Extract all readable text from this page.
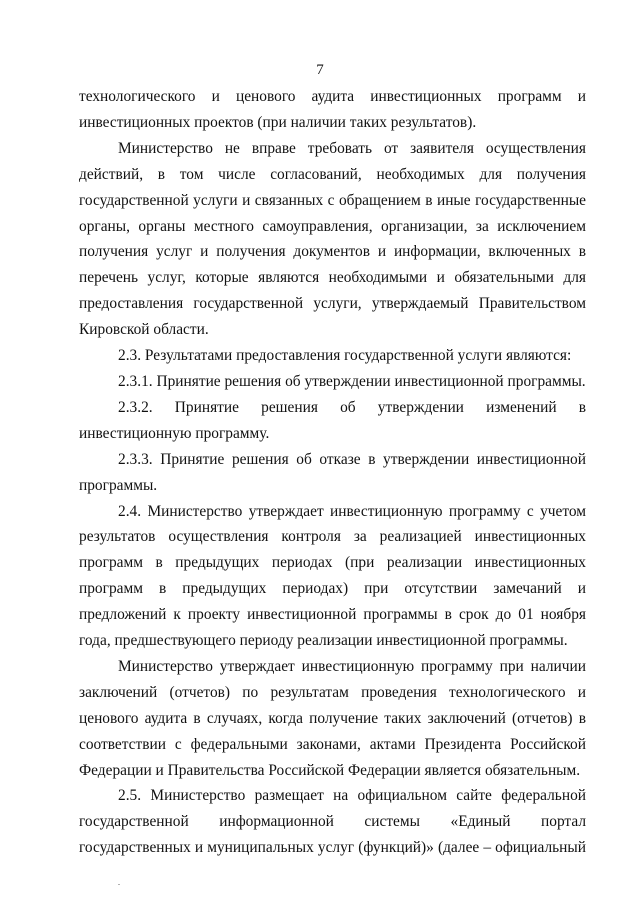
7

технологического и ценового аудита инвестиционных программ и инвестиционных проектов (при наличии таких результатов).

Министерство не вправе требовать от заявителя осуществления действий, в том числе согласований, необходимых для получения государственной услуги и связанных с обращением в иные государственные органы, органы местного самоуправления, организации, за исключением получения услуг и получения документов и информации, включенных в перечень услуг, которые являются необходимыми и обязательными для предоставления государственной услуги, утверждаемый Правительством Кировской области.

2.3. Результатами предоставления государственной услуги являются:

2.3.1. Принятие решения об утверждении инвестиционной программы.

2.3.2. Принятие решения об утверждении изменений в инвестиционную программу.

2.3.3. Принятие решения об отказе в утверждении инвестиционной программы.

2.4. Министерство утверждает инвестиционную программу с учетом результатов осуществления контроля за реализацией инвестиционных программ в предыдущих периодах (при реализации инвестиционных программ в предыдущих периодах) при отсутствии замечаний и предложений к проекту инвестиционной программы в срок до 01 ноября года, предшествующего периоду реализации инвестиционной программы.

Министерство утверждает инвестиционную программу при наличии заключений (отчетов) по результатам проведения технологического и ценового аудита в случаях, когда получение таких заключений (отчетов) в соответствии с федеральными законами, актами Президента Российской Федерации и Правительства Российской Федерации является обязательным.

2.5. Министерство размещает на официальном сайте федеральной государственной информационной системы «Единый портал государственных и муниципальных услуг (функций)» (далее – официальный
